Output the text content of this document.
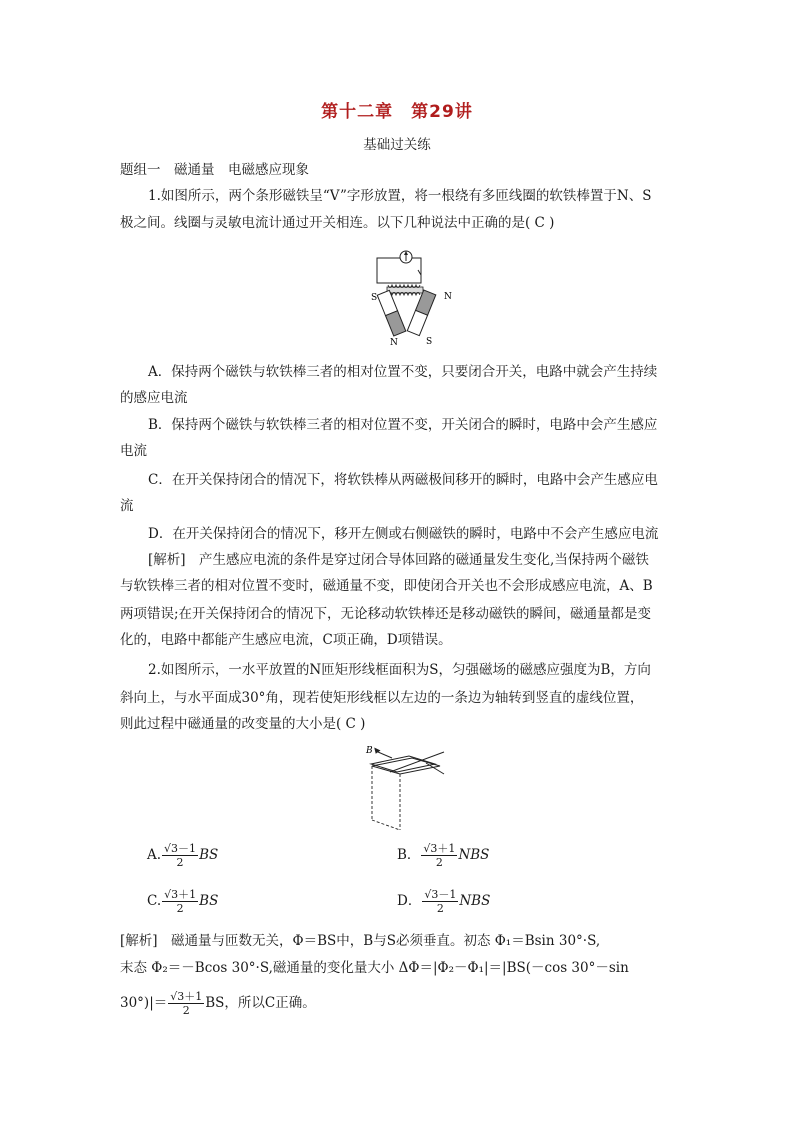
第十二章　第29讲
基础过关练
题组一　磁通量　电磁感应现象
1.如图所示，两个条形磁铁呈“V”字形放置，将一根绕有多匝线圈的软铁棒置于N、S
极之间。线圈与灵敏电流计通过开关相连。以下几种说法中正确的是( C )
S	N
N	S
A．保持两个磁铁与软铁棒三者的相对位置不变，只要闭合开关，电路中就会产生持续
的感应电流
B．保持两个磁铁与软铁棒三者的相对位置不变，开关闭合的瞬时，电路中会产生感应
电流
C．在开关保持闭合的情况下，将软铁棒从两磁极间移开的瞬时，电路中会产生感应电
流
D．在开关保持闭合的情况下，移开左侧或右侧磁铁的瞬时，电路中不会产生感应电流
[解析]　产生感应电流的条件是穿过闭合导体回路的磁通量发生变化,当保持两个磁铁
与软铁棒三者的相对位置不变时，磁通量不变，即使闭合开关也不会形成感应电流，A、B
两项错误;在开关保持闭合的情况下，无论移动软铁棒还是移动磁铁的瞬间，磁通量都是变
化的，电路中都能产生感应电流，C项正确，D项错误。
2.如图所示，一水平放置的N匝矩形线框面积为S，匀强磁场的磁感应强度为B，方向
斜向上，与水平面成30°角，现若使矩形线框以左边的一条边为轴转到竖直的虚线位置，
则此过程中磁通量的改变量的大小是( C )
B
A. $\frac{√3-1}{2}$ BS	B． $\frac{√3+1}{2}$ NBS
C. $\frac{√3+1}{2}$ BS	D． $\frac{√3-1}{2}$ NBS
[解析]　磁通量与匝数无关，Φ＝BS中，B与S必须垂直。初态 Φ₁＝Bsin 30°·S,
末态 Φ₂＝－Bcos 30°·S,磁通量的变化量大小 ΔΦ＝|Φ₂－Φ₁|＝|BS(－cos 30°－sin
$30^\circ)|= \frac{√3+1}{2}$ BS，所以C正确。
